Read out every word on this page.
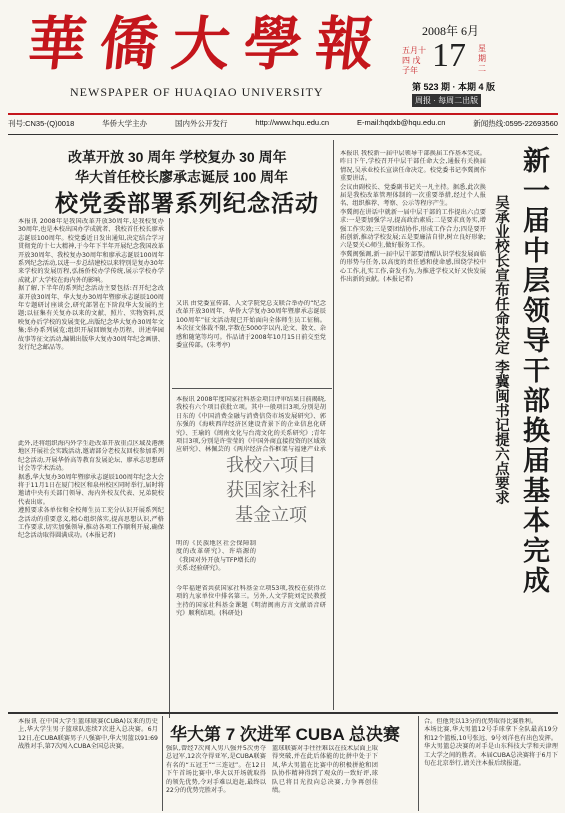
華僑大學報
NEWSPAPER OF HUAQIAO UNIVERSITY
2008年 6月
五月十四 戊子年 17 星期二
第 523 期 · 本期 4 版
周报 · 每周二出版
刊号:CN35-(Q)0018	华侨大学主办	国内外公开发行	http://www.hqu.edu.cn	E-mail:hqdxb@hqu.edu.cn	新闻热线:0595-22693560
改革开放 30 周年 学校复办 30 周年
华大首任校长廖承志诞辰 100 周年
校党委部署系列纪念活动
本报讯 2008年是我国改革开放30周年,是我校复办30周年,也是本校出国办学成就者、我校首任校长廖承志诞辰100周年。校党委近日发出通知,决定结合学习贯彻党的十七大精神,于今年下半年开展纪念我国改革开放30周年、我校复办30周年和廖承志诞辰100周年系列纪念活动,以进一步总结建校以来特别是复办30年来学校的发展历程,弘扬侨校办学传统,展示学校办学成就,扩大学校在海内外的影响。
据了解,下半年的系列纪念活动主要包括:召开纪念改革开放30周年、华大复办30周年暨廖承志诞辰100周年专题研讨座谈会,研究部署在下阶段华大发展的主题;以征集有关复办以来的文献、照片、实物资料,反映复办后学校的发展变化,出版纪念华大复办30周年文集;举办系列展览;组织开展回顾复办历程、讲述华园故事等征文活动,编辑出版华大复办30周年纪念画册、发行纪念邮品等。
此外,还将组织海内外学生赴改革开放重点区域及港澳地区开展社会实践活动,邀请部分老校友回校参加系列纪念活动,开展华侨高等教育发展论坛、廖承志思想研讨会等学术活动。
据悉,华大复办30周年暨廖承志诞辰100周年纪念大会将于11月1日在厦门校区和泉州校区同时举行,届时将邀请中央有关部门领导、海内外校友代表、兄弟院校代表出席。
遵照要求各单位和全校师生员工充分认识开展系列纪念活动的重要意义,精心组织落实,提高思想认识,严格工作要求,切实加强领导,推动各项工作顺利开展,确保纪念活动取得圆满成功。(本报记者)
又讯 由党委宣传部、人文学院党总支联合举办的“纪念改革开放30周年、华侨大学复办30周年暨廖承志诞辰100周年”征文活动现已开始面向全体师生员工征稿。本次征文体裁不限,字数在5000字以内,论文、散文、杂感和随笔等均可。作品请于2008年10月15日前交至党委宣传部。(朱考亭)
本报讯 2008年度国家社科基金项目评审结果日前揭晓,我校有六个项目获批立项。其中一般项目3项,分别是胡日东的《中国消费金融与消费信贷市场发展研究》、郭东强的《海峡西岸经济区建设背景下的企业信息化研究》、王瑜的《闽南文化与台湾文化的关系研究》;青年项目3项,分别是许莹莹的《中国外商直接投资的区域效应研究》、林佩芸的《两岸经济合作框架与福建产业承
我校六项目获国家社科基金立项
明的《民族地区社会保障制度的改革研究》、许培源的《我国对外开放与TFP增长的关系:经验研究》。
今年福建省共获国家社科基金立项53项,我校在获得立项的九家单位中排名第三。另外,人文学院刘定民教授主持的国家社科基金课题《明清闽南方言文献语音研究》顺利结项。(科研处)
本报讯 我校新一届中层领导干部换届工作基本完成。昨日下午,学校召开中层干部任命大会,通报有关换届情况,吴承业校长宣读任命决定。校党委书记李冀闽作重要讲话。
会议由副校长、党委副书记关一凡主持。据悉,此次换届是我校改革管理体制的一次重要举措,经过个人报名、组织推荐、考察、公示等程序产生。
李冀闽在讲话中就新一届中层干部的工作提出六点要求:一是要加强学习,提高政治素质;二是要求真务实,增强工作实效;三是要团结协作,形成工作合力;四是要开拓创新,推动学校发展;五是要廉洁自律,树立良好形象;六是要关心师生,做好服务工作。
李冀闽强调,新一届中层干部要清醒认识学校发展面临的形势与任务,以高度的责任感和使命感,围绕学校中心工作,扎实工作,奋发有为,为推进学校又好又快发展作出新的贡献。(本报记者)	吴承业校长宣布任命决定 李冀闽书记提六点要求 新一届中层领导干部换届基本完成
本报讯 在中国大学生篮球联赛(CUBA)以来的历史上,华大学生男子篮球队连续7次进入总决赛。6月12日,在CUBA联赛男子八强赛中,华大男篮以91:69战胜对手,第7次闯入CUBA全国总决赛。
华大第 7 次进军 CUBA 总决赛
强队,曾经7次闯入男八强并5次勇夺总冠军,12次夺得亚军,是CUBA联赛有名的“五冠王”“三连冠”。在12日下午首场比赛中,华大以开场就取得的领先优势,令对手难以追赶,最终以22分的优势完胜对手。
篮球联赛对手往往难以在技术层面上取得突破,并在此后体能的比拼中处于下风,华大男篮在比赛中的积极拼抢和团队协作精神得到了观众的一致好评,球队已将目光投向总决赛,力争再创佳绩。
合。但他凭以13分的优势取得比赛胜利。
本场比赛,华大男篮12号手球拿下全队最高19分和12个篮板,10号张远、9号刘洋也有出色发挥。
华大男篮总决赛的对手是山东科技大学和天津理工大学之间的胜者。本届CUBA总决赛将于6月下旬在北京举行,请关注本报后续报道。
